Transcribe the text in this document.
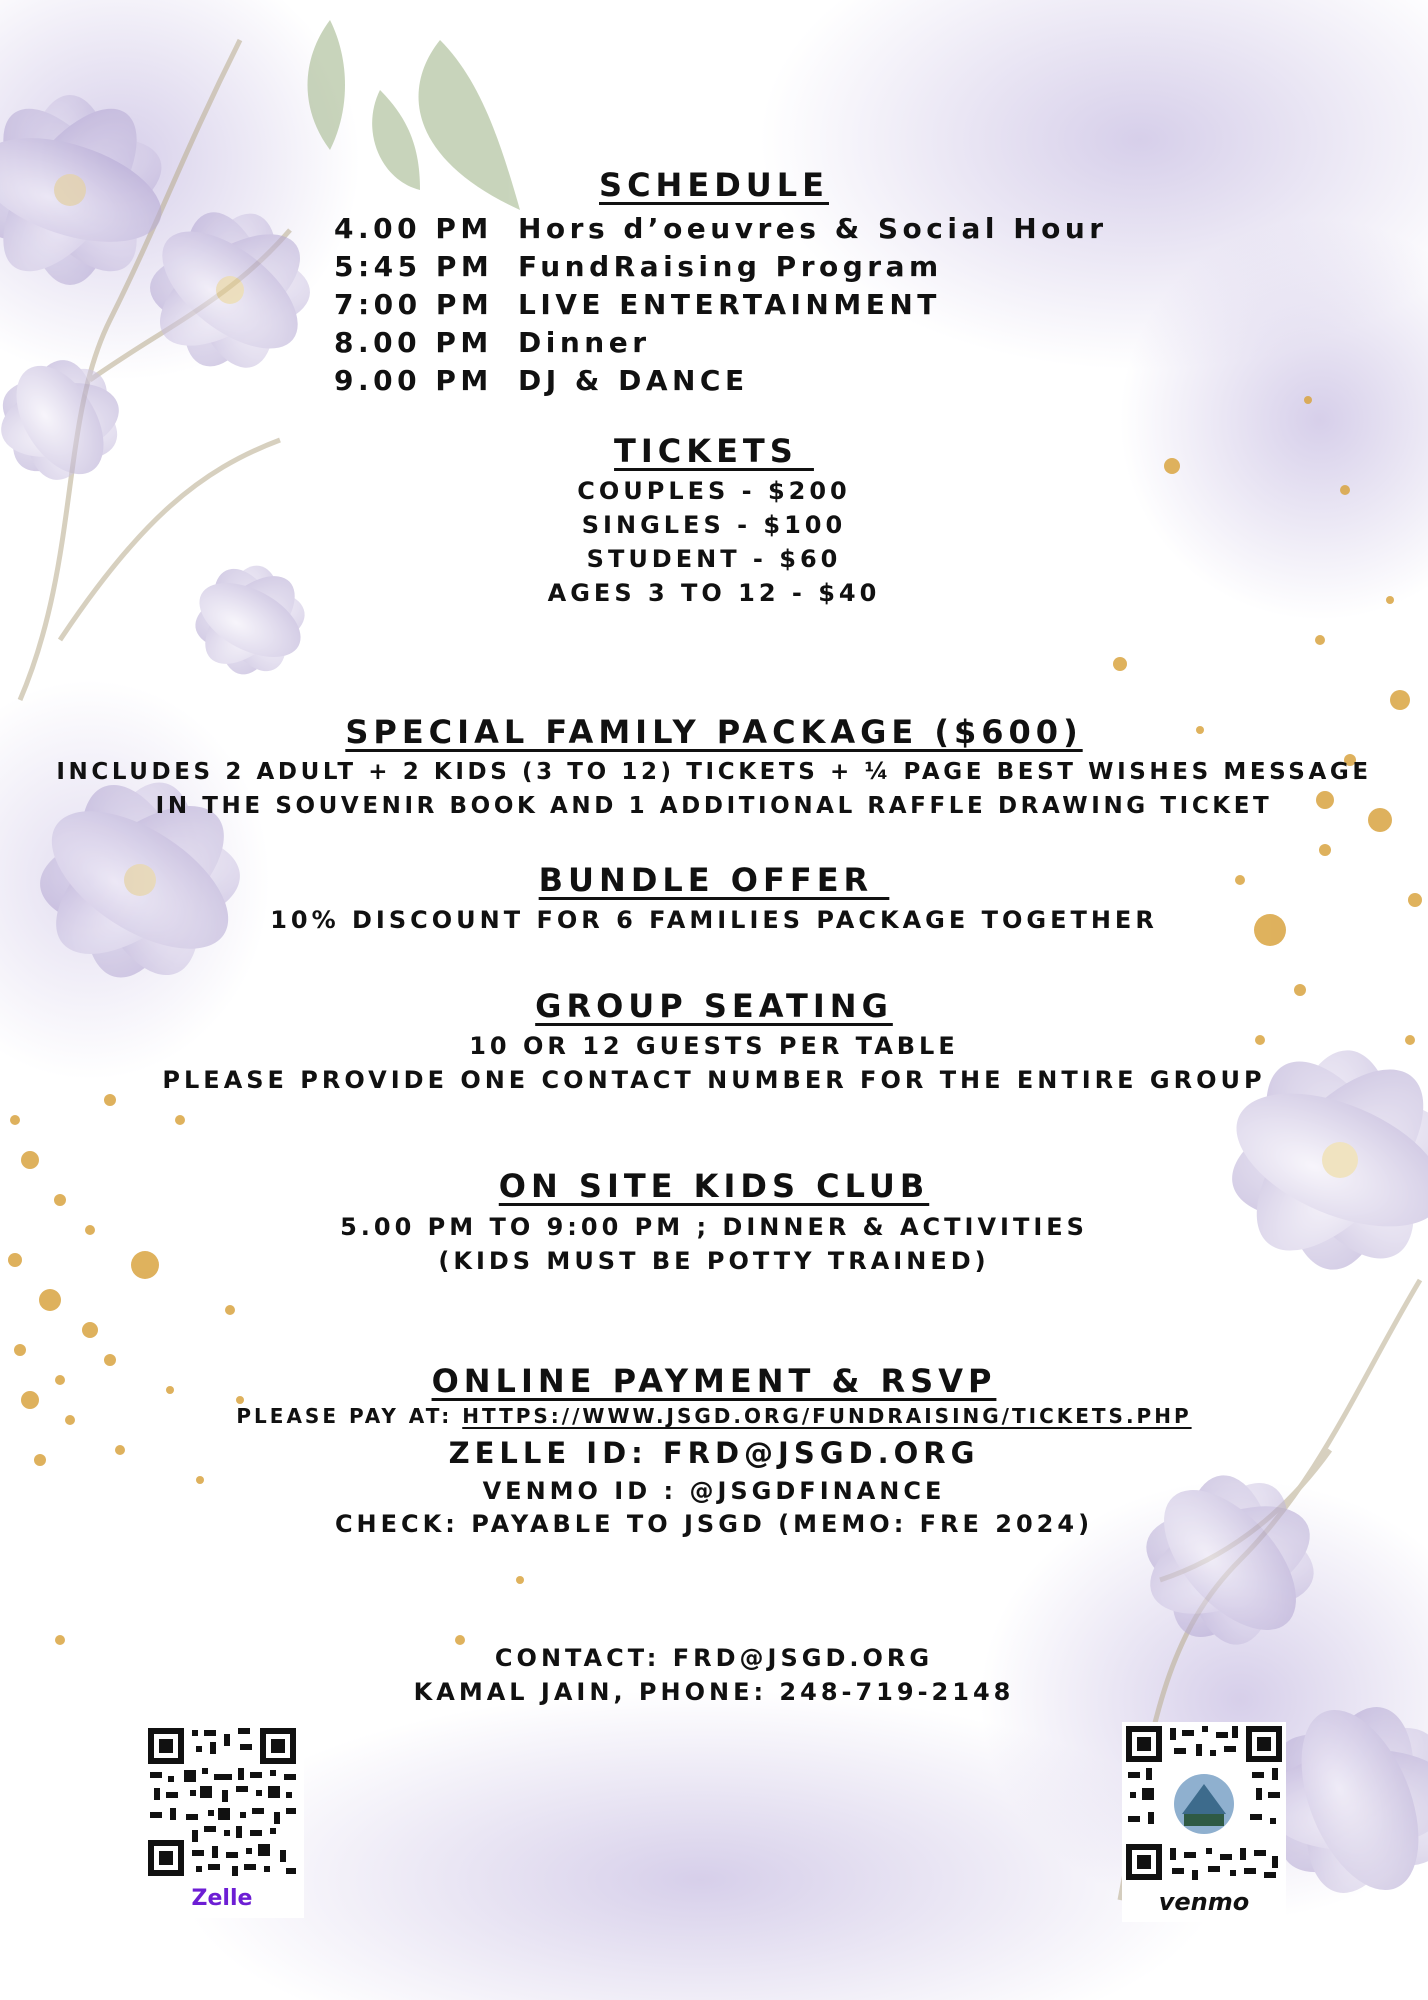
SCHEDULE
4.00 PM Hors d’oeuvres & Social Hour
5:45 PM FundRaising Program
7:00 PM LIVE ENTERTAINMENT
8.00 PM Dinner
9.00 PM DJ & DANCE
TICKETS
COUPLES - $200
SINGLES - $100
STUDENT - $60
AGES 3 TO 12 - $40
SPECIAL FAMILY PACKAGE ($600)
INCLUDES 2 ADULT + 2 KIDS (3 TO 12) TICKETS + ¼ PAGE BEST WISHES MESSAGE
IN THE SOUVENIR BOOK AND 1 ADDITIONAL RAFFLE DRAWING TICKET
BUNDLE OFFER
10% DISCOUNT FOR 6 FAMILIES PACKAGE TOGETHER
GROUP SEATING
10 OR 12 GUESTS PER TABLE
PLEASE PROVIDE ONE CONTACT NUMBER FOR THE ENTIRE GROUP
ON SITE KIDS CLUB
5.00 PM TO 9:00 PM ; DINNER & ACTIVITIES
(KIDS MUST BE POTTY TRAINED)
ONLINE PAYMENT & RSVP
PLEASE PAY AT: HTTPS://WWW.JSGD.ORG/FUNDRAISING/TICKETS.PHP
ZELLE ID: FRD@JSGD.ORG
VENMO ID : @JSGDFINANCE
CHECK: PAYABLE TO JSGD (MEMO: FRE 2024)
CONTACT: FRD@JSGD.ORG
KAMAL JAIN, PHONE: 248-719-2148
Zelle	venmo
